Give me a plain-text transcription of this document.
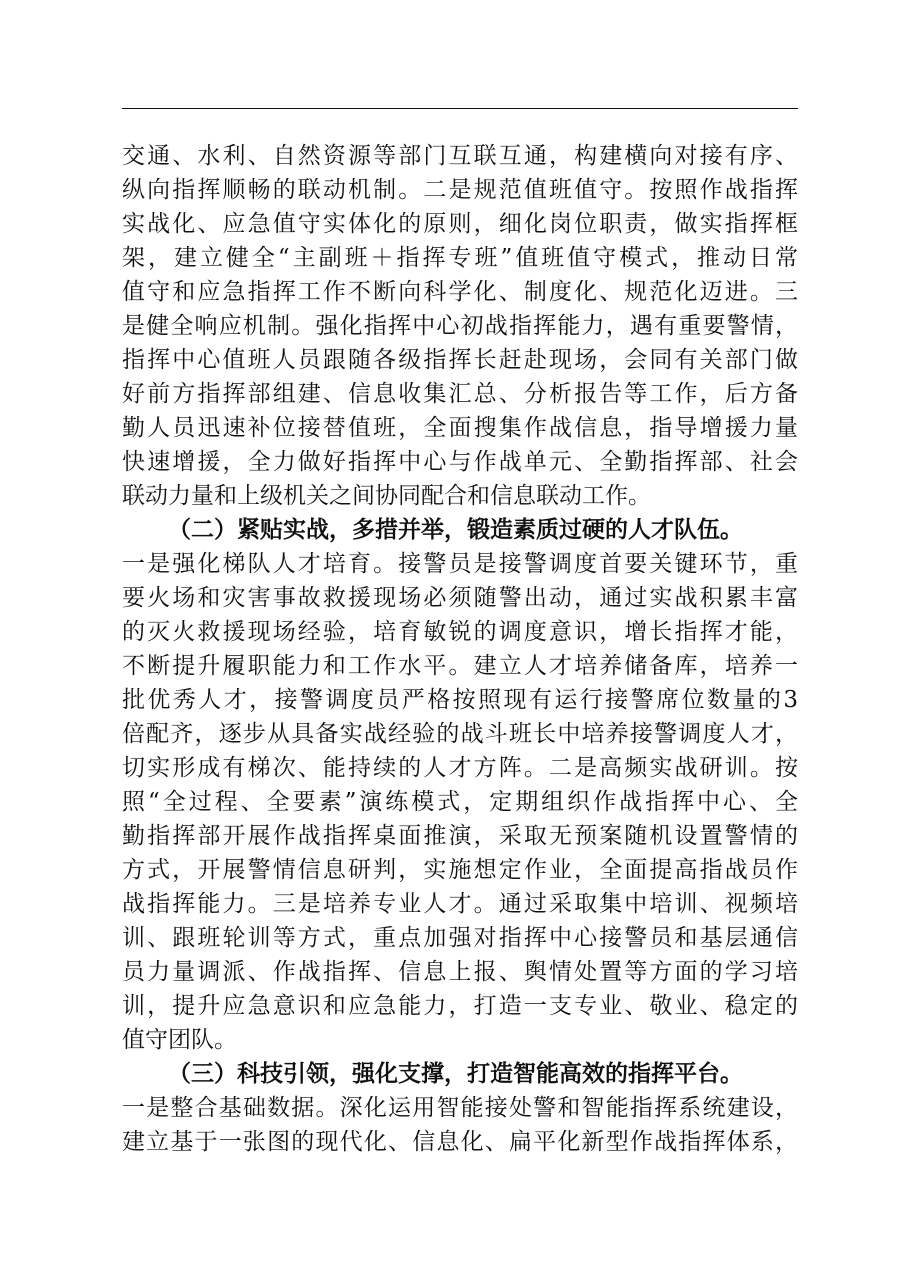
交通、水利、自然资源等部门互联互通，构建横向对接有序、
纵向指挥顺畅的联动机制。二是规范值班值守。按照作战指挥
实战化、应急值守实体化的原则，细化岗位职责，做实指挥框
架，建立健全“主副班＋指挥专班”值班值守模式，推动日常
值守和应急指挥工作不断向科学化、制度化、规范化迈进。三
是健全响应机制。强化指挥中心初战指挥能力，遇有重要警情，
指挥中心值班人员跟随各级指挥长赶赴现场，会同有关部门做
好前方指挥部组建、信息收集汇总、分析报告等工作，后方备
勤人员迅速补位接替值班，全面搜集作战信息，指导增援力量
快速增援，全力做好指挥中心与作战单元、全勤指挥部、社会
联动力量和上级机关之间协同配合和信息联动工作。
（二）紧贴实战，多措并举，锻造素质过硬的人才队伍。
一是强化梯队人才培育。接警员是接警调度首要关键环节，重
要火场和灾害事故救援现场必须随警出动，通过实战积累丰富
的灭火救援现场经验，培育敏锐的调度意识，增长指挥才能，
不断提升履职能力和工作水平。建立人才培养储备库，培养一
批优秀人才，接警调度员严格按照现有运行接警席位数量的3
倍配齐，逐步从具备实战经验的战斗班长中培养接警调度人才，
切实形成有梯次、能持续的人才方阵。二是高频实战研训。按
照“全过程、全要素”演练模式，定期组织作战指挥中心、全
勤指挥部开展作战指挥桌面推演，采取无预案随机设置警情的
方式，开展警情信息研判，实施想定作业，全面提高指战员作
战指挥能力。三是培养专业人才。通过采取集中培训、视频培
训、跟班轮训等方式，重点加强对指挥中心接警员和基层通信
员力量调派、作战指挥、信息上报、舆情处置等方面的学习培
训，提升应急意识和应急能力，打造一支专业、敬业、稳定的
值守团队。
（三）科技引领，强化支撑，打造智能高效的指挥平台。
一是整合基础数据。深化运用智能接处警和智能指挥系统建设，
建立基于一张图的现代化、信息化、扁平化新型作战指挥体系，
